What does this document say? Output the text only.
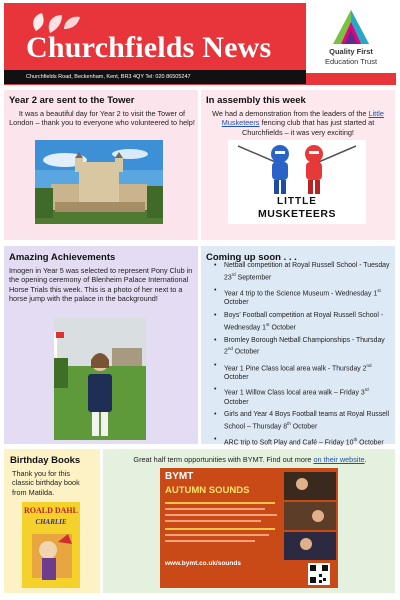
Churchfields News	Quality First
Education Trust
Churchfields Road, Beckenham, Kent, BR3 4QY Tel: 020 86505247
Year 2 are sent to the Tower
It was a beautiful day for Year 2 to visit the Tower of London – thank you to everyone who volunteered to help!
In assembly this week
We had a demonstration from the leaders of the Little Musketeers fencing club that has just started at Churchfields – it was very exciting!
LITTLE
MUSKETEERS
Amazing Achievements
Imogen in Year 5 was selected to represent Pony Club in the opening ceremony of Blenheim Palace International Horse Trials this week. This is a photo of her next to a horse jump with the palace in the background!
Coming up soon . . .
• Netball competition at Royal Russell School - Tuesday 23rd September
• Year 4 trip to the Science Museum - Wednesday 1st October
• Boys' Football competition at Royal Russell School - Wednesday 1st October
• Bromley Borough Netball Championships - Thursday 2nd October
• Year 1 Pine Class local area walk - Thursday 2nd October
• Year 1 Willow Class local area walk – Friday 3rd October
• Girls and Year 4 Boys Football teams at Royal Russell School – Thursday 8th October
• ARC trip to Soft Play and Café – Friday 10th October
Birthday Books
Thank you for this classic birthday book from Matilda.
ROALD DAHL
CHARLIE
Great half term opportunities with BYMT. Find out more on their website.
BYMT
AUTUMN SOUNDS
www.bymt.co.uk/sounds
